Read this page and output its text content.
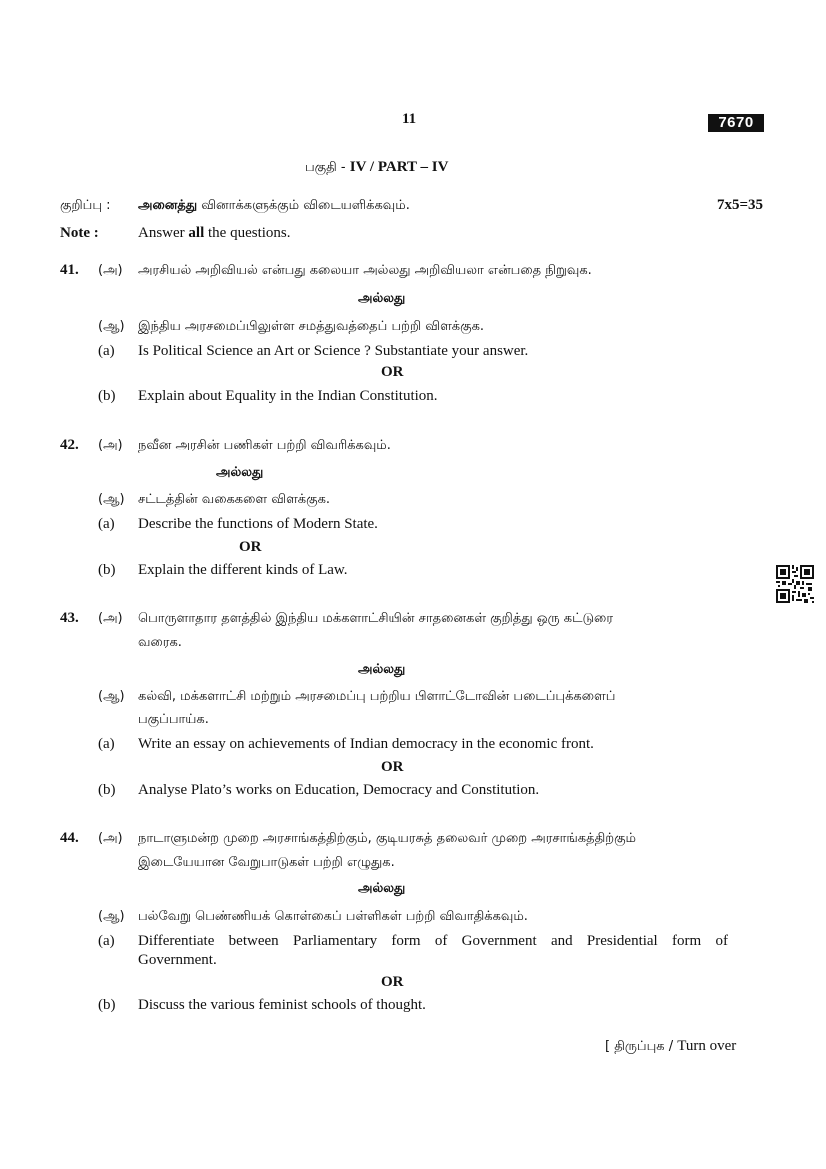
11	7670
பகுதி - IV / PART – IV
குறிப்பு : அனைத்து வினாக்களுக்கும் விடையளிக்கவும்.	7x5=35
Note :	Answer all the questions.
41. (அ) அரசியல் அறிவியல் என்பது கலையா அல்லது அறிவியலா என்பதை நிறுவுக.
அல்லது
(ஆ) இந்திய அரசமைப்பிலுள்ள சமத்துவத்தைப் பற்றி விளக்குக.
(a) Is Political Science an Art or Science ? Substantiate your answer.
OR
(b) Explain about Equality in the Indian Constitution.
42. (அ) நவீன அரசின் பணிகள் பற்றி விவரிக்கவும்.
அல்லது
(ஆ) சட்டத்தின் வகைகளை விளக்குக.
(a) Describe the functions of Modern State.
OR
(b) Explain the different kinds of Law.
43. (அ) பொருளாதார தளத்தில் இந்திய மக்களாட்சியின் சாதனைகள் குறித்து ஒரு கட்டுரை
வரைக.
அல்லது
(ஆ) கல்வி, மக்களாட்சி மற்றும் அரசமைப்பு பற்றிய பிளாட்டோவின் படைப்புக்களைப்
பகுப்பாய்க.
(a) Write an essay on achievements of Indian democracy in the economic front.
OR
(b) Analyse Plato’s works on Education, Democracy and Constitution.
44. (அ) நாடாளுமன்ற முறை அரசாங்கத்திற்கும், குடியரசுத் தலைவர் முறை அரசாங்கத்திற்கும்
இடையேயான வேறுபாடுகள் பற்றி எழுதுக.
அல்லது
(ஆ) பல்வேறு பெண்ணியக் கொள்கைப் பள்ளிகள் பற்றி விவாதிக்கவும்.
(a) Differentiate between Parliamentary form of Government and Presidential form of
Government.
OR
(b) Discuss the various feminist schools of thought.
[ திருப்புக / Turn over
